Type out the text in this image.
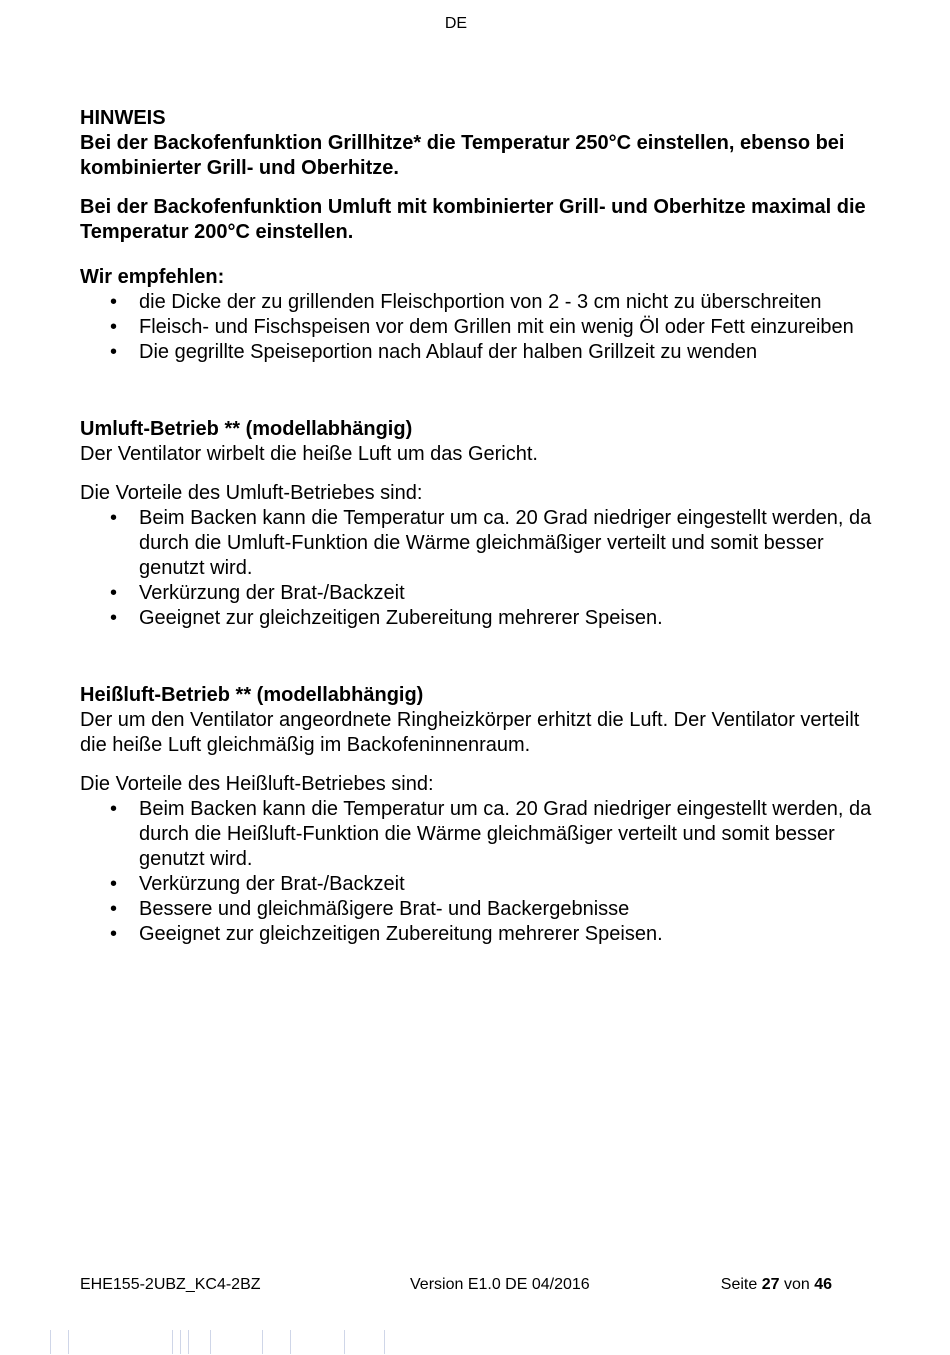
DE

HINWEIS

Bei der Backofenfunktion Grillhitze* die Temperatur 250°C einstellen, ebenso bei kombinierter Grill- und Oberhitze.

Bei der Backofenfunktion Umluft mit kombinierter Grill- und Oberhitze maximal die Temperatur 200°C einstellen.

Wir empfehlen:

• die Dicke der zu grillenden Fleischportion von 2 - 3 cm nicht zu überschreiten
• Fleisch- und Fischspeisen vor dem Grillen mit ein wenig Öl oder Fett einzureiben
• Die gegrillte Speiseportion nach Ablauf der halben Grillzeit zu wenden

Umluft-Betrieb ** (modellabhängig)

Der Ventilator wirbelt die heiße Luft um das Gericht.

Die Vorteile des Umluft-Betriebes sind:

• Beim Backen kann die Temperatur um ca. 20 Grad niedriger eingestellt werden, da durch die Umluft-Funktion die Wärme gleichmäßiger verteilt und somit besser genutzt wird.
• Verkürzung der Brat-/Backzeit
• Geeignet zur gleichzeitigen Zubereitung mehrerer Speisen.

Heißluft-Betrieb ** (modellabhängig)

Der um den Ventilator angeordnete Ringheizkörper erhitzt die Luft. Der Ventilator verteilt die heiße Luft gleichmäßig im Backofeninnenraum.

Die Vorteile des Heißluft-Betriebes sind:

• Beim Backen kann die Temperatur um ca. 20 Grad niedriger eingestellt werden, da durch die Heißluft-Funktion die Wärme gleichmäßiger verteilt und somit besser genutzt wird.
• Verkürzung der Brat-/Backzeit
• Bessere und gleichmäßigere Brat- und Backergebnisse
• Geeignet zur gleichzeitigen Zubereitung mehrerer Speisen.
EHE155-2UBZ_KC4-2BZ	Version E1.0 DE 04/2016	Seite 27 von 46
